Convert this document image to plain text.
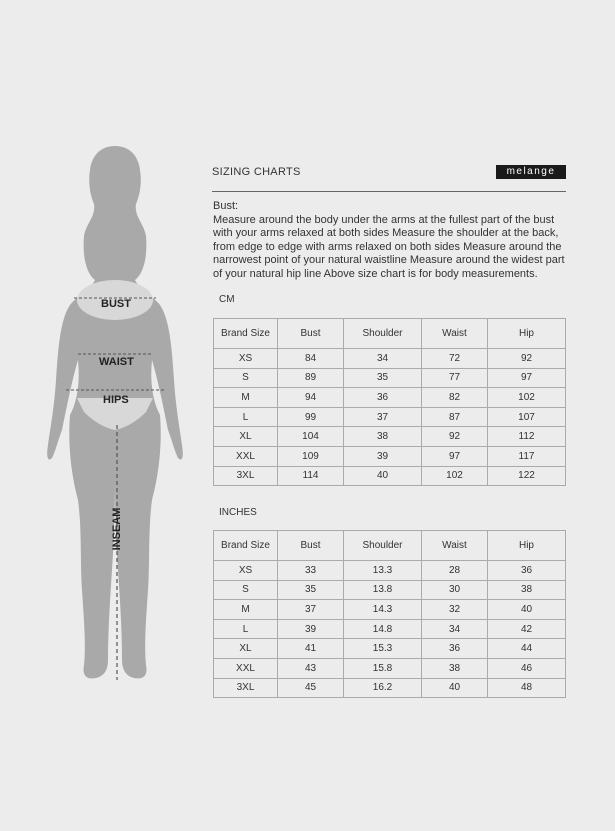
BUST
WAIST
HIPS
INSEAM
SIZING CHARTS	melange

Bust:

Measure around the body under the arms at the fullest part of the bust with your arms relaxed at both sides Measure the shoulder at the back, from edge to edge with arms relaxed on both sides Measure around the narrowest point of your natural waistline Measure around the widest part of your natural hip line Above size chart is for body measurements.

CM
Brand Size	Bust	Shoulder	Waist	Hip
XS	84	34	72	92
S	89	35	77	97
M	94	36	82	102
L	99	37	87	107
XL	104	38	92	112
XXL	109	39	97	117
3XL	114	40	102	122
INCHES
Brand Size	Bust	Shoulder	Waist	Hip
XS	33	13.3	28	36
S	35	13.8	30	38
M	37	14.3	32	40
L	39	14.8	34	42
XL	41	15.3	36	44
XXL	43	15.8	38	46
3XL	45	16.2	40	48
